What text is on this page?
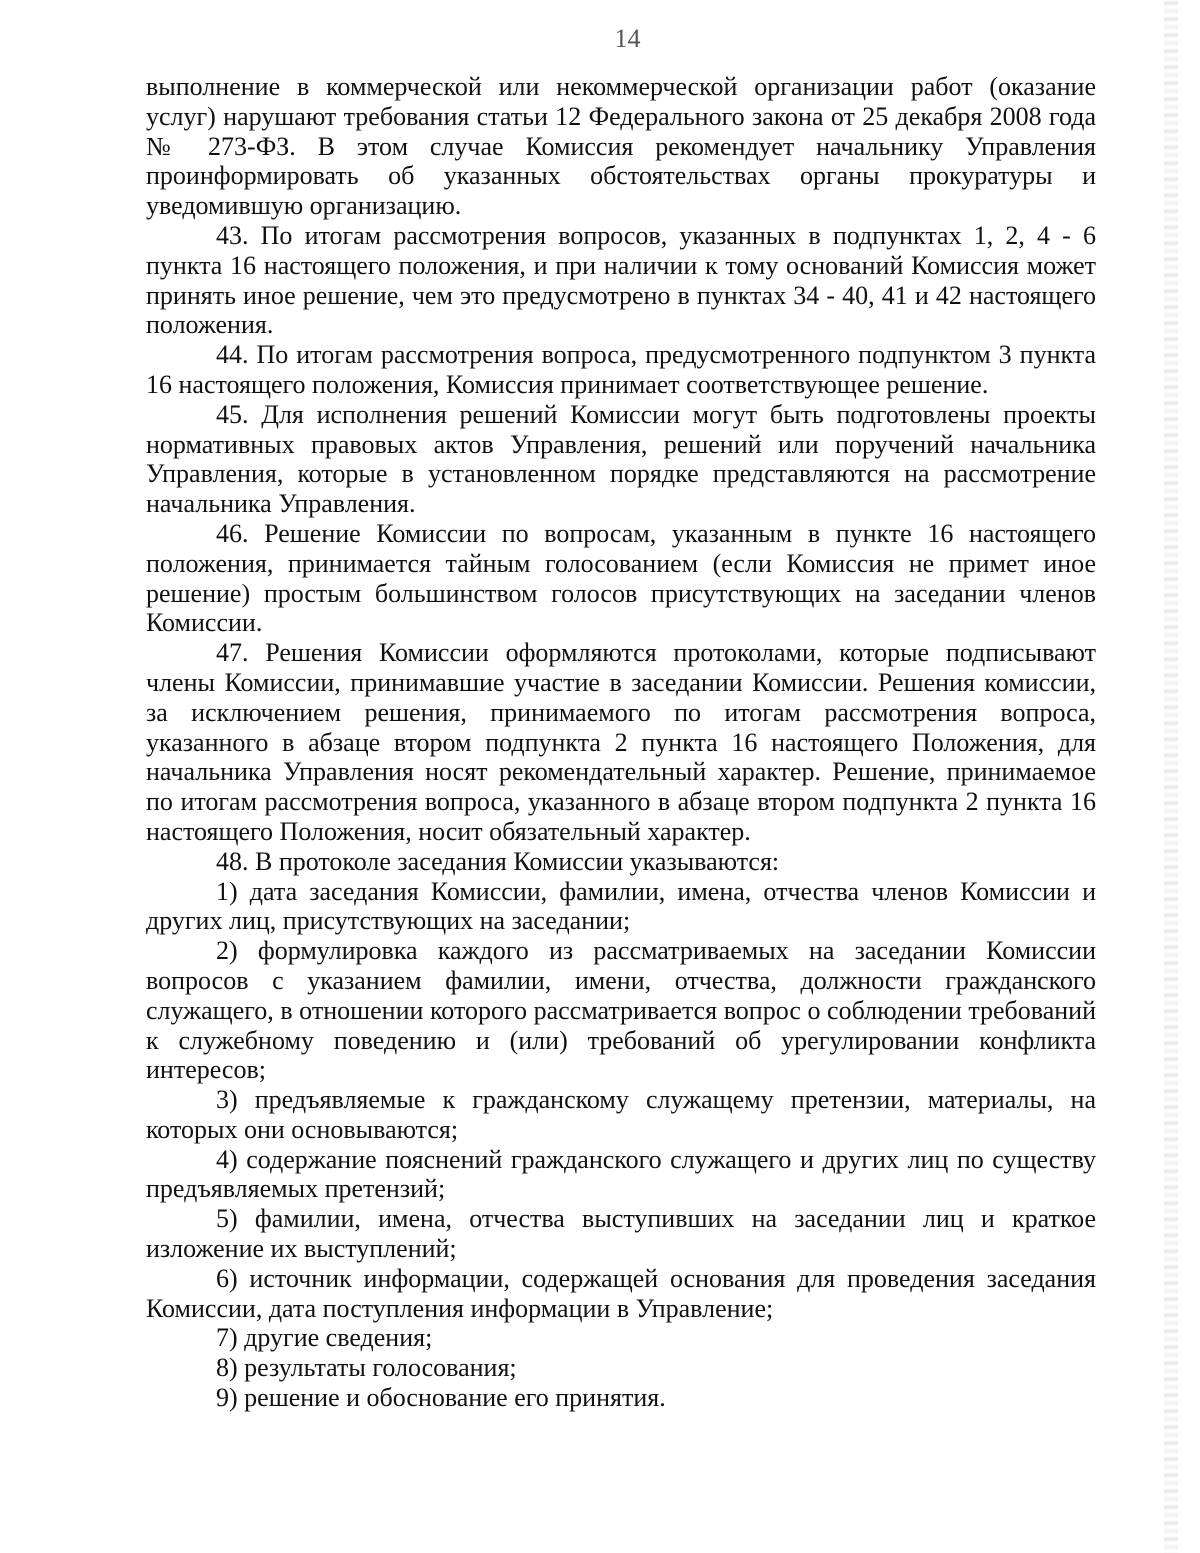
14

выполнение в коммерческой или некоммерческой организации работ (оказание услуг) нарушают требования статьи 12 Федерального закона от 25 декабря 2008 года № 273-ФЗ. В этом случае Комиссия рекомендует начальнику Управления проинформировать об указанных обстоятельствах органы прокуратуры и уведомившую организацию.

43. По итогам рассмотрения вопросов, указанных в подпунктах 1, 2, 4 - 6 пункта 16 настоящего положения, и при наличии к тому оснований Комиссия может принять иное решение, чем это предусмотрено в пунктах 34 - 40, 41 и 42 настоящего положения.

44. По итогам рассмотрения вопроса, предусмотренного подпунктом 3 пункта 16 настоящего положения, Комиссия принимает соответствующее решение.

45. Для исполнения решений Комиссии могут быть подготовлены проекты нормативных правовых актов Управления, решений или поручений начальника Управления, которые в установленном порядке представляются на рассмотрение начальника Управления.

46. Решение Комиссии по вопросам, указанным в пункте 16 настоящего положения, принимается тайным голосованием (если Комиссия не примет иное решение) простым большинством голосов присутствующих на заседании членов Комиссии.

47. Решения Комиссии оформляются протоколами, которые подписывают члены Комиссии, принимавшие участие в заседании Комиссии. Решения комиссии, за исключением решения, принимаемого по итогам рассмотрения вопроса, указанного в абзаце втором подпункта 2 пункта 16 настоящего Положения, для начальника Управления носят рекомендательный характер. Решение, принимаемое по итогам рассмотрения вопроса, указанного в абзаце втором подпункта 2 пункта 16 настоящего Положения, носит обязательный характер.

48. В протоколе заседания Комиссии указываются:

1) дата заседания Комиссии, фамилии, имена, отчества членов Комиссии и других лиц, присутствующих на заседании;

2) формулировка каждого из рассматриваемых на заседании Комиссии вопросов с указанием фамилии, имени, отчества, должности гражданского служащего, в отношении которого рассматривается вопрос о соблюдении требований к служебному поведению и (или) требований об урегулировании конфликта интересов;

3) предъявляемые к гражданскому служащему претензии, материалы, на которых они основываются;

4) содержание пояснений гражданского служащего и других лиц по существу предъявляемых претензий;

5) фамилии, имена, отчества выступивших на заседании лиц и краткое изложение их выступлений;

6) источник информации, содержащей основания для проведения заседания Комиссии, дата поступления информации в Управление;

7) другие сведения;

8) результаты голосования;

9) решение и обоснование его принятия.
